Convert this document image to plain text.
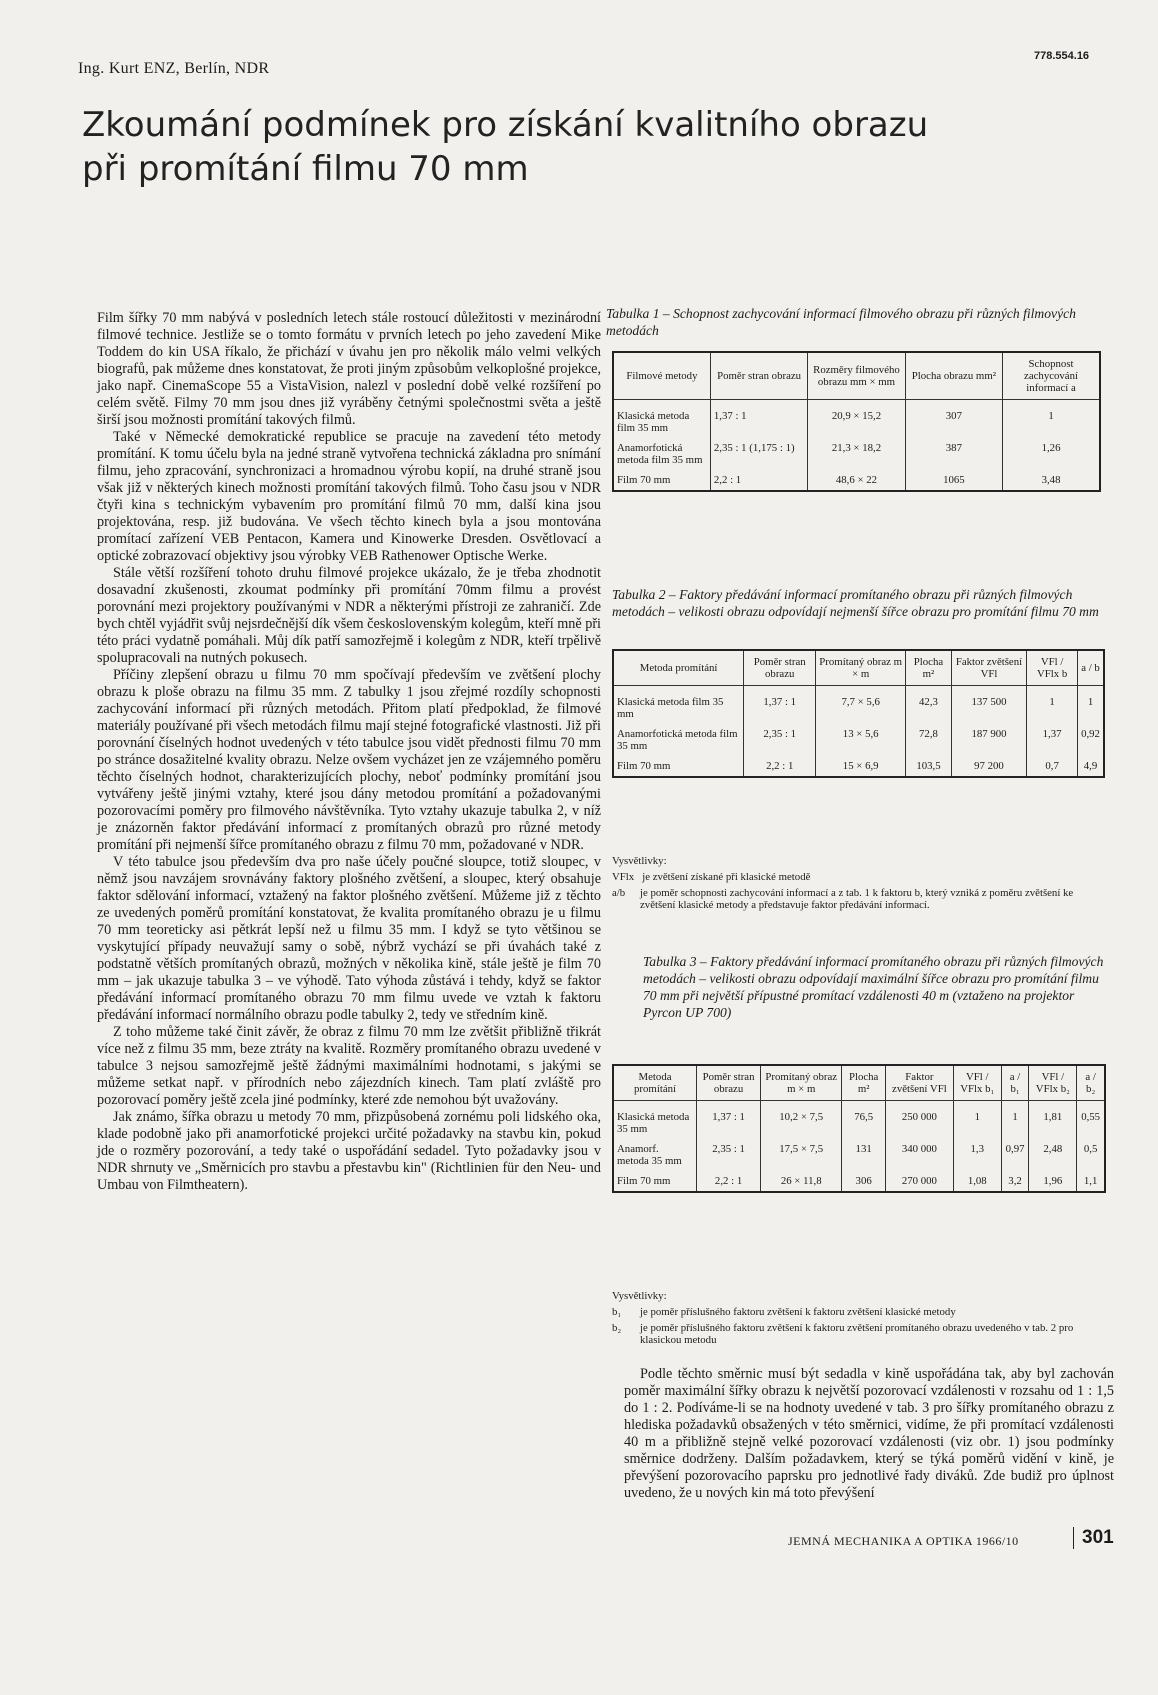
Ing. Kurt ENZ, Berlín, NDR
778.554.16
Zkoumání podmínek pro získání kvalitního obrazu
při promítání filmu 70 mm

Film šířky 70 mm nabývá v posledních letech stále rostoucí důležitosti v mezinárodní filmové technice. Jestliže se o tomto formátu v prvních letech po jeho zavedení Mike Toddem do kin USA říkalo, že přichází v úvahu jen pro několik málo velmi velkých biografů, pak můžeme dnes konstatovat, že proti jiným způsobům velkoplošné projekce, jako např. CinemaScope 55 a VistaVision, nalezl v poslední době velké rozšíření po celém světě. Filmy 70 mm jsou dnes již vyráběny četnými společnostmi světa a ještě širší jsou možnosti promítání takových filmů.

Také v Německé demokratické republice se pracuje na zavedení této metody promítání. K tomu účelu byla na jedné straně vytvořena technická základna pro snímání filmu, jeho zpracování, synchronizaci a hromadnou výrobu kopií, na druhé straně jsou však již v některých kinech možnosti promítání takových filmů. Toho času jsou v NDR čtyři kina s technickým vybavením pro promítání filmů 70 mm, další kina jsou projektována, resp. již budována. Ve všech těchto kinech byla a jsou montována promítací zařízení VEB Pentacon, Kamera und Kinowerke Dresden. Osvětlovací a optické zobrazovací objektivy jsou výrobky VEB Rathenower Optische Werke.

Stále větší rozšíření tohoto druhu filmové projekce ukázalo, že je třeba zhodnotit dosavadní zkušenosti, zkoumat podmínky při promítání 70mm filmu a provést porovnání mezi projektory používanými v NDR a některými přístroji ze zahraničí. Zde bych chtěl vyjádřit svůj nejsrdečnější dík všem československým kolegům, kteří mně při této práci vydatně pomáhali. Můj dík patří samozřejmě i kolegům z NDR, kteří trpělivě spolupracovali na nutných pokusech.

Příčiny zlepšení obrazu u filmu 70 mm spočívají především ve zvětšení plochy obrazu k ploše obrazu na filmu 35 mm. Z tabulky 1 jsou zřejmé rozdíly schopnosti zachycování informací při různých metodách. Přitom platí předpoklad, že filmové materiály používané při všech metodách filmu mají stejné fotografické vlastnosti. Již při porovnání číselných hodnot uvedených v této tabulce jsou vidět přednosti filmu 70 mm po stránce dosažitelné kvality obrazu. Nelze ovšem vycházet jen ze vzájemného poměru těchto číselných hodnot, charakterizujících plochy, neboť podmínky promítání jsou vytvářeny ještě jinými vztahy, které jsou dány metodou promítání a požadovanými pozorovacími poměry pro filmového návštěvníka. Tyto vztahy ukazuje tabulka 2, v níž je znázorněn faktor předávání informací z promítaných obrazů pro různé metody promítání při nejmenší šířce promítaného obrazu z filmu 70 mm, požadované v NDR.

V této tabulce jsou především dva pro naše účely poučné sloupce, totiž sloupec, v němž jsou navzájem srovnávány faktory plošného zvětšení, a sloupec, který obsahuje faktor sdělování informací, vztažený na faktor plošného zvětšení. Můžeme již z těchto ze uvedených poměrů promítání konstatovat, že kvalita promítaného obrazu je u filmu 70 mm teoreticky asi pětkrát lepší než u filmu 35 mm. I když se tyto většinou se vyskytující případy neuvažují samy o sobě, nýbrž vychází se při úvahách také z podstatně větších promítaných obrazů, možných v několika kině, stále ještě je film 70 mm – jak ukazuje tabulka 3 – ve výhodě. Tato výhoda zůstává i tehdy, když se faktor předávání informací promítaného obrazu 70 mm filmu uvede ve vztah k faktoru předávání informací normálního obrazu podle tabulky 2, tedy ve středním kině.

Z toho můžeme také činit závěr, že obraz z filmu 70 mm lze zvětšit přibližně třikrát více než z filmu 35 mm, beze ztráty na kvalitě. Rozměry promítaného obrazu uvedené v tabulce 3 nejsou samozřejmě ještě žádnými maximálními hodnotami, s jakými se můžeme setkat např. v přírodních nebo zájezdních kinech. Tam platí zvláště pro pozorovací poměry ještě zcela jiné podmínky, které zde nemohou být uvažovány.

Jak známo, šířka obrazu u metody 70 mm, přizpůsobená zornému poli lidského oka, klade podobně jako při anamorfotické projekci určité požadavky na stavbu kin, pokud jde o rozměry pozorování, a tedy také o uspořádání sedadel. Tyto požadavky jsou v NDR shrnuty ve „Směrnicích pro stavbu a přestavbu kin" (Richtlinien für den Neu- und Umbau von Filmtheatern).

Tabulka 1 – Schopnost zachycování informací filmového obrazu při různých filmových metodách

Filmové metody	Poměr stran obrazu	Rozměry filmového obrazu mm × mm	Plocha obrazu mm²	Schopnost zachycování informací a
Klasická metoda film 35 mm	1,37 : 1	20,9 × 15,2	307	1
Anamorfotická metoda film 35 mm	2,35 : 1 (1,175 : 1)	21,3 × 18,2	387	1,26
Film 70 mm	2,2 : 1	48,6 × 22	1065	3,48

Tabulka 2 – Faktory předávání informací promítaného obrazu při různých filmových metodách – velikosti obrazu odpovídají nejmenší šířce obrazu pro promítání filmu 70 mm

Metoda promítání	Poměr stran obrazu	Promítaný obraz m × m	Plocha m²	Faktor zvětšení VFl	VFl / VFlx b	a / b
Klasická metoda film 35 mm	1,37 : 1	7,7 × 5,6	42,3	137 500	1	1
Anamorfotická metoda film 35 mm	2,35 : 1	13 × 5,6	72,8	187 900	1,37	0,92
Film 70 mm	2,2 : 1	15 × 6,9	103,5	97 200	0,7	4,9
Vysvětlivky:
VFlx je zvětšení získané při klasické metodě
a/b	je poměr schopnosti zachycování informací a z tab. 1 k faktoru b, který vzniká z poměru zvětšení ke zvětšení klasické metody a představuje faktor předávání informací.

Tabulka 3 – Faktory předávání informací promítaného obrazu při různých filmových metodách – velikosti obrazu odpovídají maximální šířce obrazu pro promítání filmu 70 mm při největší přípustné promítací vzdálenosti 40 m (vztaženo na projektor Pyrcon UP 700)

Metoda promítání	Poměr stran obrazu	Promítaný obraz m × m	Plocha m²	Faktor zvětšení VFl	VFl / VFlx b₁	a / b₁	VFl / VFlx b₂	a / b₂
Klasická metoda 35 mm	1,37 : 1	10,2 × 7,5	76,5	250 000	1	1	1,81	0,55
Anamorf. metoda 35 mm	2,35 : 1	17,5 × 7,5	131	340 000	1,3	0,97	2,48	0,5
Film 70 mm	2,2 : 1	26 × 11,8	306	270 000	1,08	3,2	1,96	1,1
Vysvětlivky:
b₁	je poměr příslušného faktoru zvětšení k faktoru zvětšení klasické metody
b₂	je poměr příslušného faktoru zvětšení k faktoru zvětšení promítaného obrazu uvedeného v tab. 2 pro klasickou metodu

Podle těchto směrnic musí být sedadla v kině uspořádána tak, aby byl zachován poměr maximální šířky obrazu k největší pozorovací vzdálenosti v rozsahu od 1 : 1,5 do 1 : 2. Podíváme-li se na hodnoty uvedené v tab. 3 pro šířky promítaného obrazu z hlediska požadavků obsažených v této směrnici, vidíme, že při promítací vzdálenosti 40 m a přibližně stejně velké pozorovací vzdálenosti (viz obr. 1) jsou podmínky směrnice dodrženy. Dalším požadavkem, který se týká poměrů vidění v kině, je převýšení pozorovacího paprsku pro jednotlivé řady diváků. Zde budiž pro úplnost uvedeno, že u nových kin má toto převýšení

JEMNÁ MECHANIKA A OPTIKA 1966/10	301
